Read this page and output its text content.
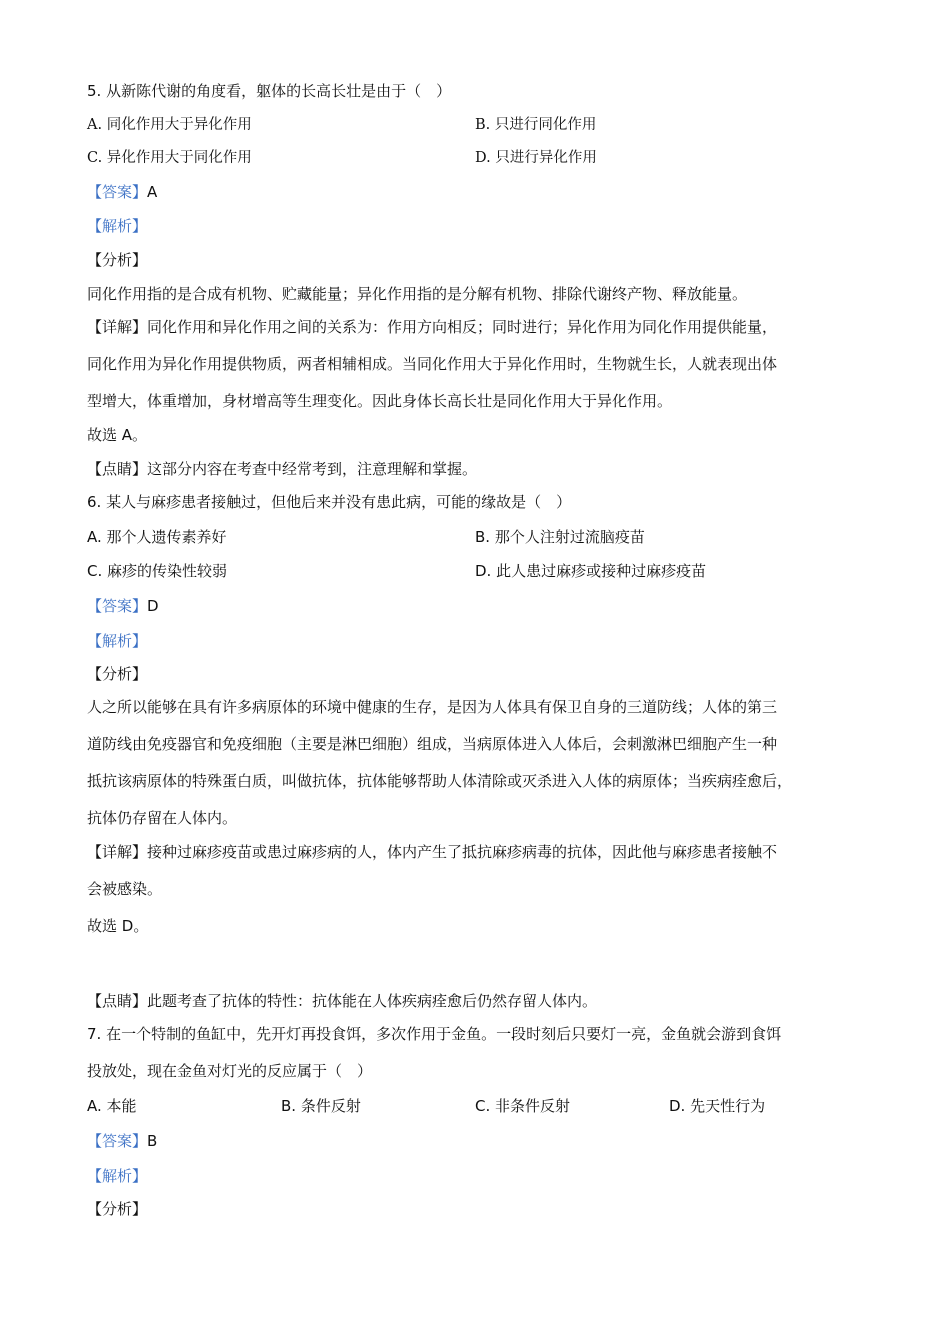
5. 从新陈代谢的角度看，躯体的长高长壮是由于（　）
A. 同化作用大于异化作用	B. 只进行同化作用
C. 异化作用大于同化作用	D. 只进行异化作用
【答案】A
【解析】
【分析】
同化作用指的是合成有机物、贮藏能量；异化作用指的是分解有机物、排除代谢终产物、释放能量。
【详解】同化作用和异化作用之间的关系为：作用方向相反；同时进行；异化作用为同化作用提供能量，
同化作用为异化作用提供物质，两者相辅相成。当同化作用大于异化作用时，生物就生长，人就表现出体
型增大，体重增加，身材增高等生理变化。因此身体长高长壮是同化作用大于异化作用。
故选 A。
【点睛】这部分内容在考查中经常考到，注意理解和掌握。
6. 某人与麻疹患者接触过，但他后来并没有患此病，可能的缘故是（　）
A. 那个人遗传素养好	B. 那个人注射过流脑疫苗
C. 麻疹的传染性较弱	D. 此人患过麻疹或接种过麻疹疫苗
【答案】D
【解析】
【分析】
人之所以能够在具有许多病原体的环境中健康的生存，是因为人体具有保卫自身的三道防线；人体的第三
道防线由免疫器官和免疫细胞（主要是淋巴细胞）组成，当病原体进入人体后，会刺激淋巴细胞产生一种
抵抗该病原体的特殊蛋白质，叫做抗体，抗体能够帮助人体清除或灭杀进入人体的病原体；当疾病痊愈后，
抗体仍存留在人体内。
【详解】接种过麻疹疫苗或患过麻疹病的人，体内产生了抵抗麻疹病毒的抗体，因此他与麻疹患者接触不
会被感染。
故选 D。
【点睛】此题考查了抗体的特性：抗体能在人体疾病痊愈后仍然存留人体内。
7. 在一个特制的鱼缸中，先开灯再投食饵，多次作用于金鱼。一段时刻后只要灯一亮，金鱼就会游到食饵
投放处，现在金鱼对灯光的反应属于（　）
A. 本能	B. 条件反射	C. 非条件反射	D. 先天性行为
【答案】B
【解析】
【分析】
